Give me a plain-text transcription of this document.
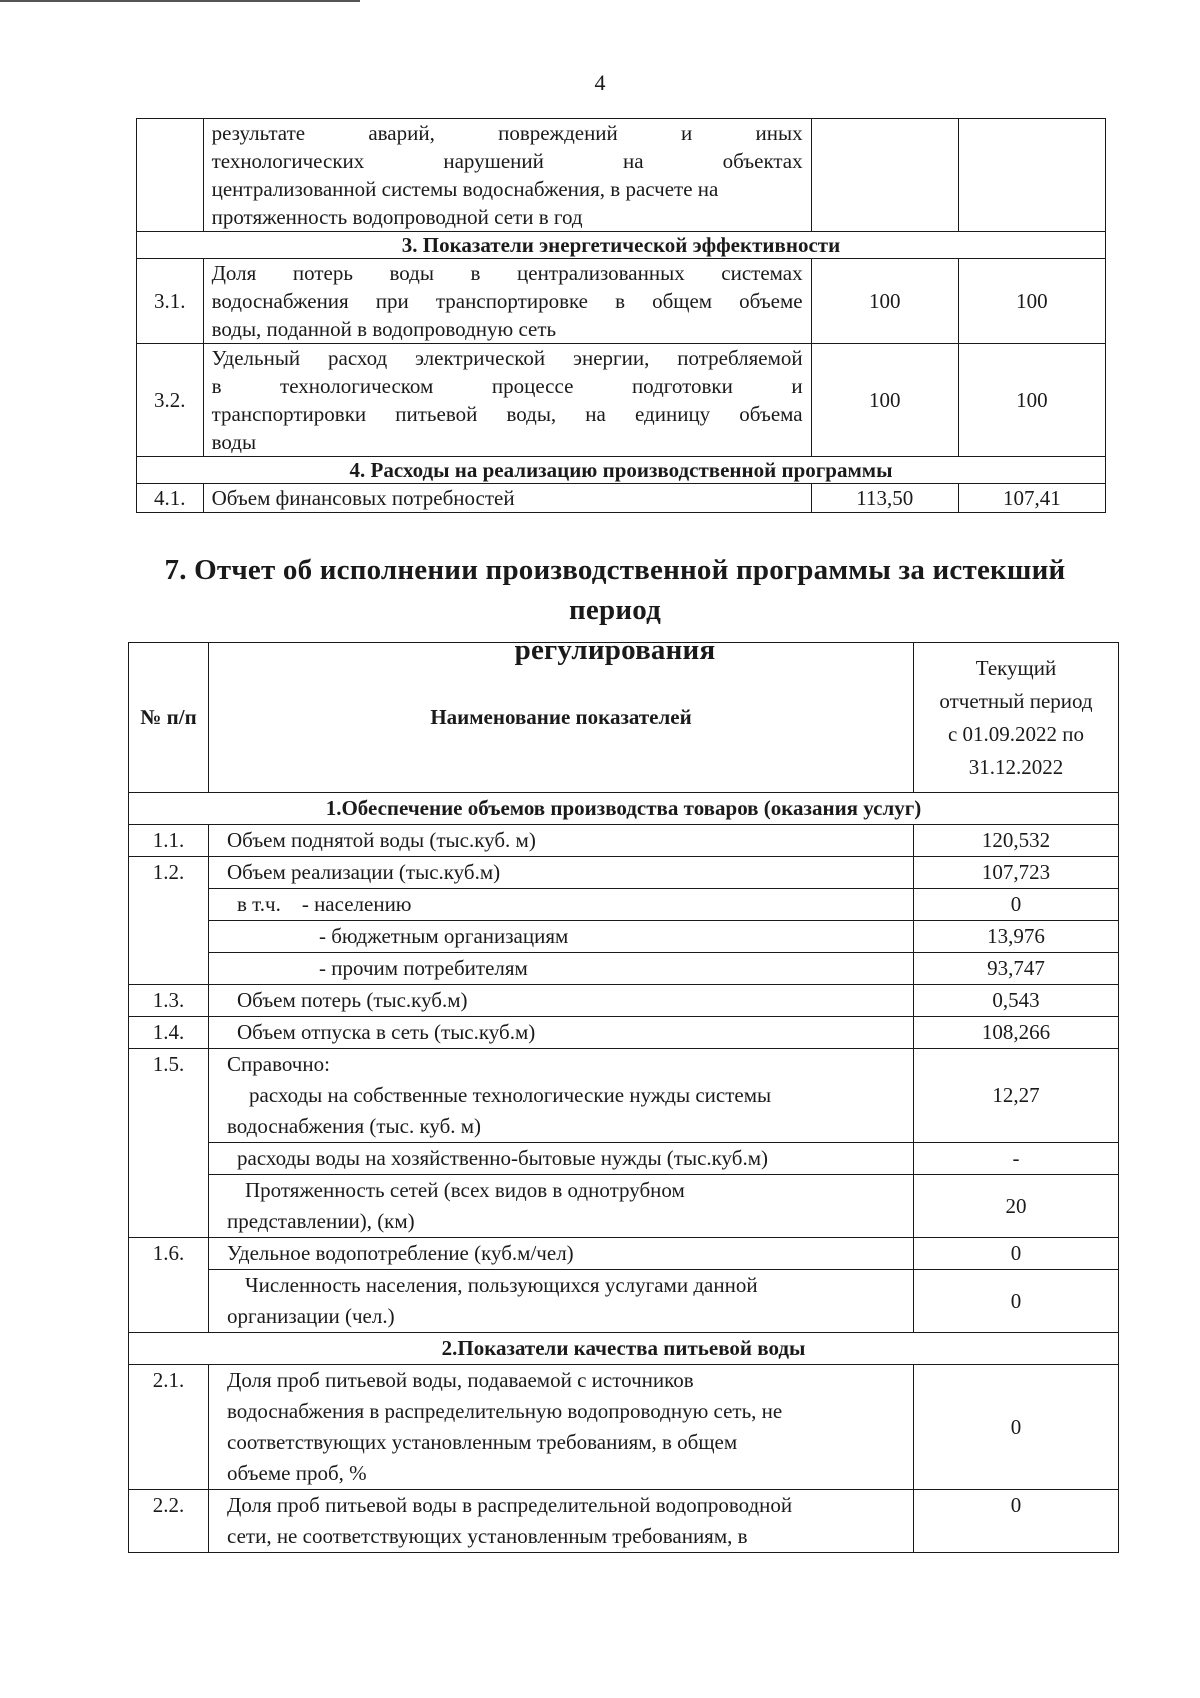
4

	результате аварий, повреждений и иных
технологических нарушений на объектах
централизованной системы водоснабжения, в расчете на
протяженность водопроводной сети в год		

3. Показатели энергетической эффективности			
3.1.	Доля потерь воды в централизованных системах
водоснабжения при транспортировке в общем объеме
воды, поданной в водопроводную сеть	100	100
3.2.	Удельный расход электрической энергии, потребляемой
в технологическом процессе подготовки и
транспортировки питьевой воды, на единицу объема
воды	100	100
4. Расходы на реализацию производственной программы			
4.1.	Объем финансовых потребностей	113,50	107,41
7. Отчет об исполнении производственной программы за истекший период
регулирования
№ п/п	Наименование показателей	Текущий
отчетный период
с 01.09.2022 по
31.12.2022

1.Обеспечение объемов производства товаров (оказания услуг)		
1.1.	Объем поднятой воды (тыс.куб. м)	120,532
1.2.	Объем реализации (тыс.куб.м)	107,723
	в т.ч. - населению	0
	- бюджетным организациям	13,976
	- прочим потребителям	93,747
1.3.	Объем потерь (тыс.куб.м)	0,543
1.4.	Объем отпуска в сеть (тыс.куб.м)	108,266
1.5.	Справочно:
расходы на собственные технологические нужды системы
водоснабжения (тыс. куб. м)	12,27
	расходы воды на хозяйственно-бытовые нужды (тыс.куб.м)	-

	Протяженность сетей (всех видов в однотрубном
представлении), (км)	20
1.6.	Удельное водопотребление (куб.м/чел)	0

	Численность населения, пользующихся услугами данной
организации (чел.)	0
2.Показатели качества питьевой воды		
2.1.	Доля проб питьевой воды, подаваемой с источников
водоснабжения в распределительную водопроводную сеть, не
соответствующих установленным требованиям, в общем
объеме проб, %	0
2.2.	Доля проб питьевой воды в распределительной водопроводной
сети, не соответствующих установленным требованиям, в	0
